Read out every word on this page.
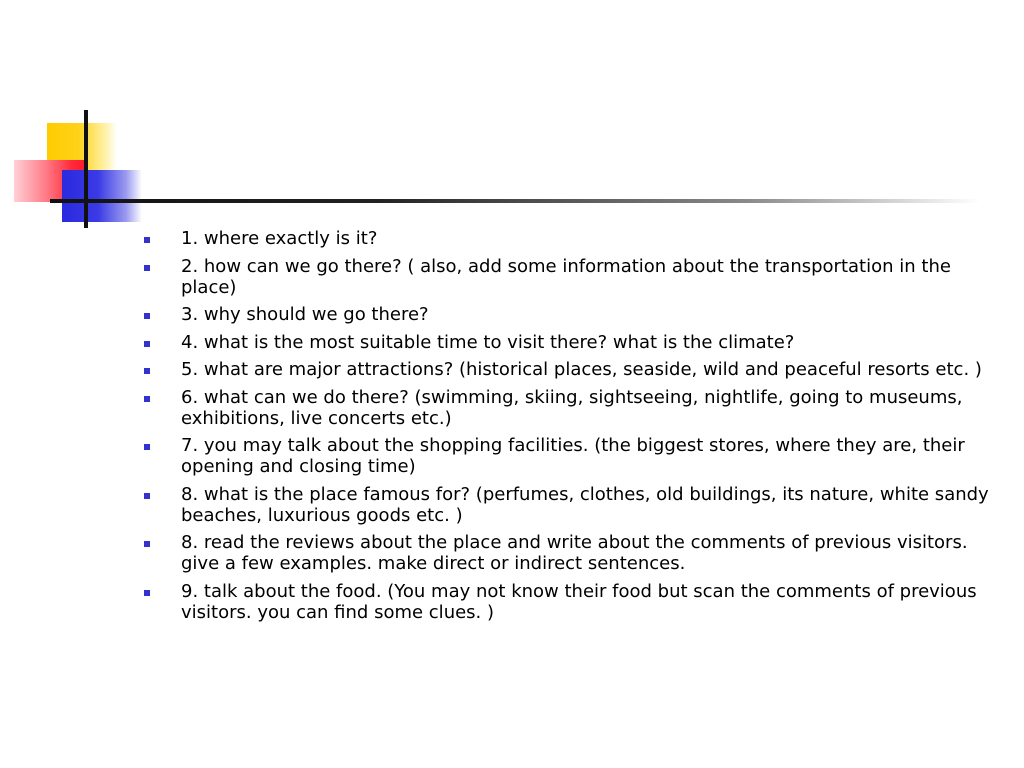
1. where exactly is it?
2. how can we go there? ( also, add some information about the transportation in the place)
3. why should we go there?
4. what is the most suitable time to visit there? what is the climate?
5. what are major attractions? (historical places, seaside, wild and peaceful resorts etc. )
6. what can we do there? (swimming, skiing, sightseeing, nightlife, going to museums, exhibitions, live concerts etc.)
7. you may talk about the shopping facilities. (the biggest stores, where they are, their opening and closing time)
8. what is the place famous for? (perfumes, clothes, old buildings, its nature, white sandy beaches, luxurious goods etc. )
8. read the reviews about the place and write about the comments of previous visitors. give a few examples. make direct or indirect sentences.
9. talk about the food. (You may not know their food but scan the comments of previous visitors. you can find some clues. )
